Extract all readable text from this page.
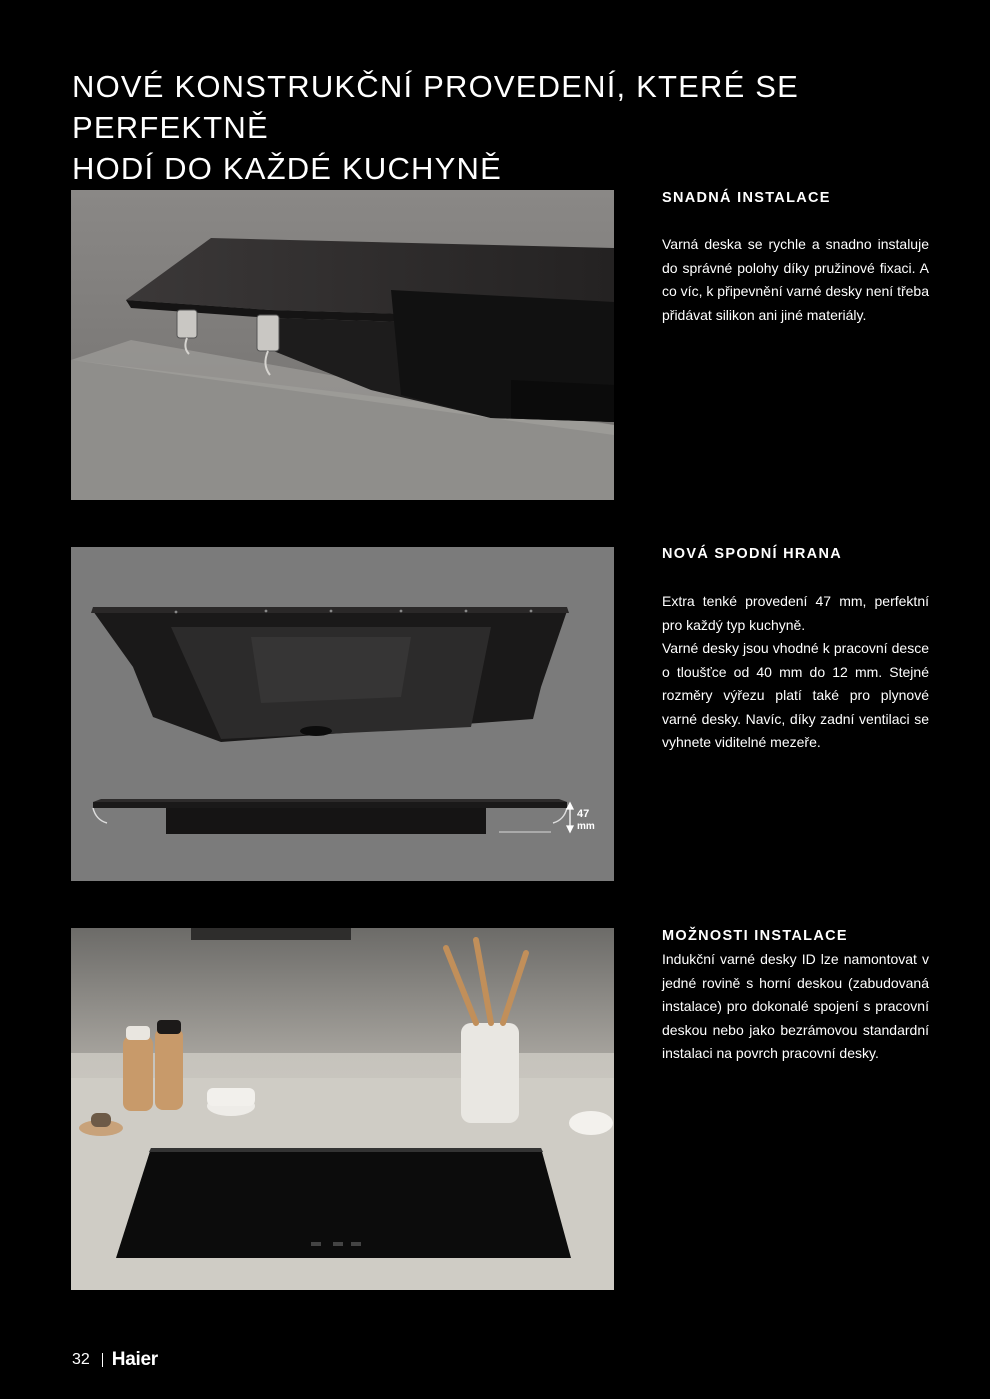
NOVÉ KONSTRUKČNÍ PROVEDENÍ, KTERÉ SE PERFEKTNĚ
HODÍ DO KAŽDÉ KUCHYNĚ
47
mm
SNADNÁ INSTALACE

Varná deska se rychle a snadno instaluje do správné polohy díky pružinové fixaci. A co víc, k připevnění varné desky není třeba přidávat silikon ani jiné materiály.

NOVÁ SPODNÍ HRANA

Extra tenké provedení 47 mm, perfektní pro každý typ kuchyně.

Varné desky jsou vhodné k pracovní desce o tloušťce od 40 mm do 12 mm. Stejné rozměry výřezu platí také pro plynové varné desky. Navíc, díky zadní ventilaci se vyhnete viditelné mezeře.

MOŽNOSTI INSTALACE

Indukční varné desky ID lze namontovat v jedné rovině s horní deskou (zabudovaná instalace) pro dokonalé spojení s pracovní deskou nebo jako bezrámovou standardní instalaci na povrch pracovní desky.

32 Haier
